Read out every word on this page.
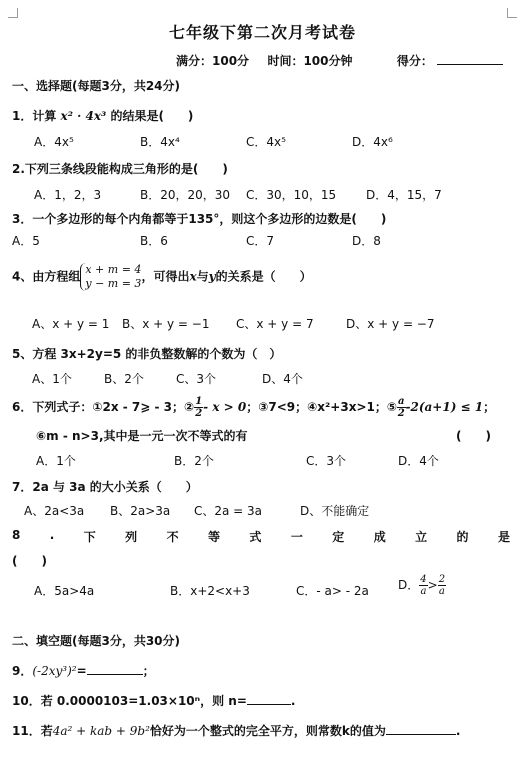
七年级下第二次月考试卷
满分：100分 时间：100分钟	得分：
一、选择题(每题3分，共24分)
1．计算 x² · 4x³ 的结果是(　　)
A．4x⁵	B．4x⁴	C．4x⁵	D．4x⁶
2.下列三条线段能构成三角形的是(　　)
A．1，2，3	B．20，20，30 C．30，10，15 D．4，15，7
3．一个多边形的每个内角都等于135°，则这个多边形的边数是(　　)
A．5	B．6	C．7	D．8
4、由方程组 x + m = 4
y − m = 3，可得出x与y的关系是（　　）
A、x + y = 1 B、x + y = −1 C、x + y = 7	D、x + y = −7
5、方程 3x+2y=5 的非负整数解的个数为（　）
A、1个	B、2个	C、3个	D、4个
6．下列式子：①2x - 7⩾ - 3；② $\frac{1}{2} - x > 0$；③7<9；④x²+3x>1；⑤ $\frac{a}{2} -2(a+1) \le 1$；
⑥m - n>3,其中是一元一次不等式的有	(　　)
A．1个	B．2个	C．3个	D．4个
7．2a 与 3a 的大小关系（　　）
A、2a<3a B、2a>3a C、2a = 3a	D、不能确定
8 . 下 列 不 等 式 一 定 成 立 的 是
(　　)
A．5a>4a	B．x+2<x+3	C．- a> - 2a D． $\frac{4}{a} > \frac{2}{a}$
二、填空题(每题3分，共30分)
9．(-2xy³)²=	；
10．若 0.0000103=1.03×10ⁿ，则 n=	.
11．若4a² + kab + 9b²恰好为一个整式的完全平方，则常数k的值为	.
